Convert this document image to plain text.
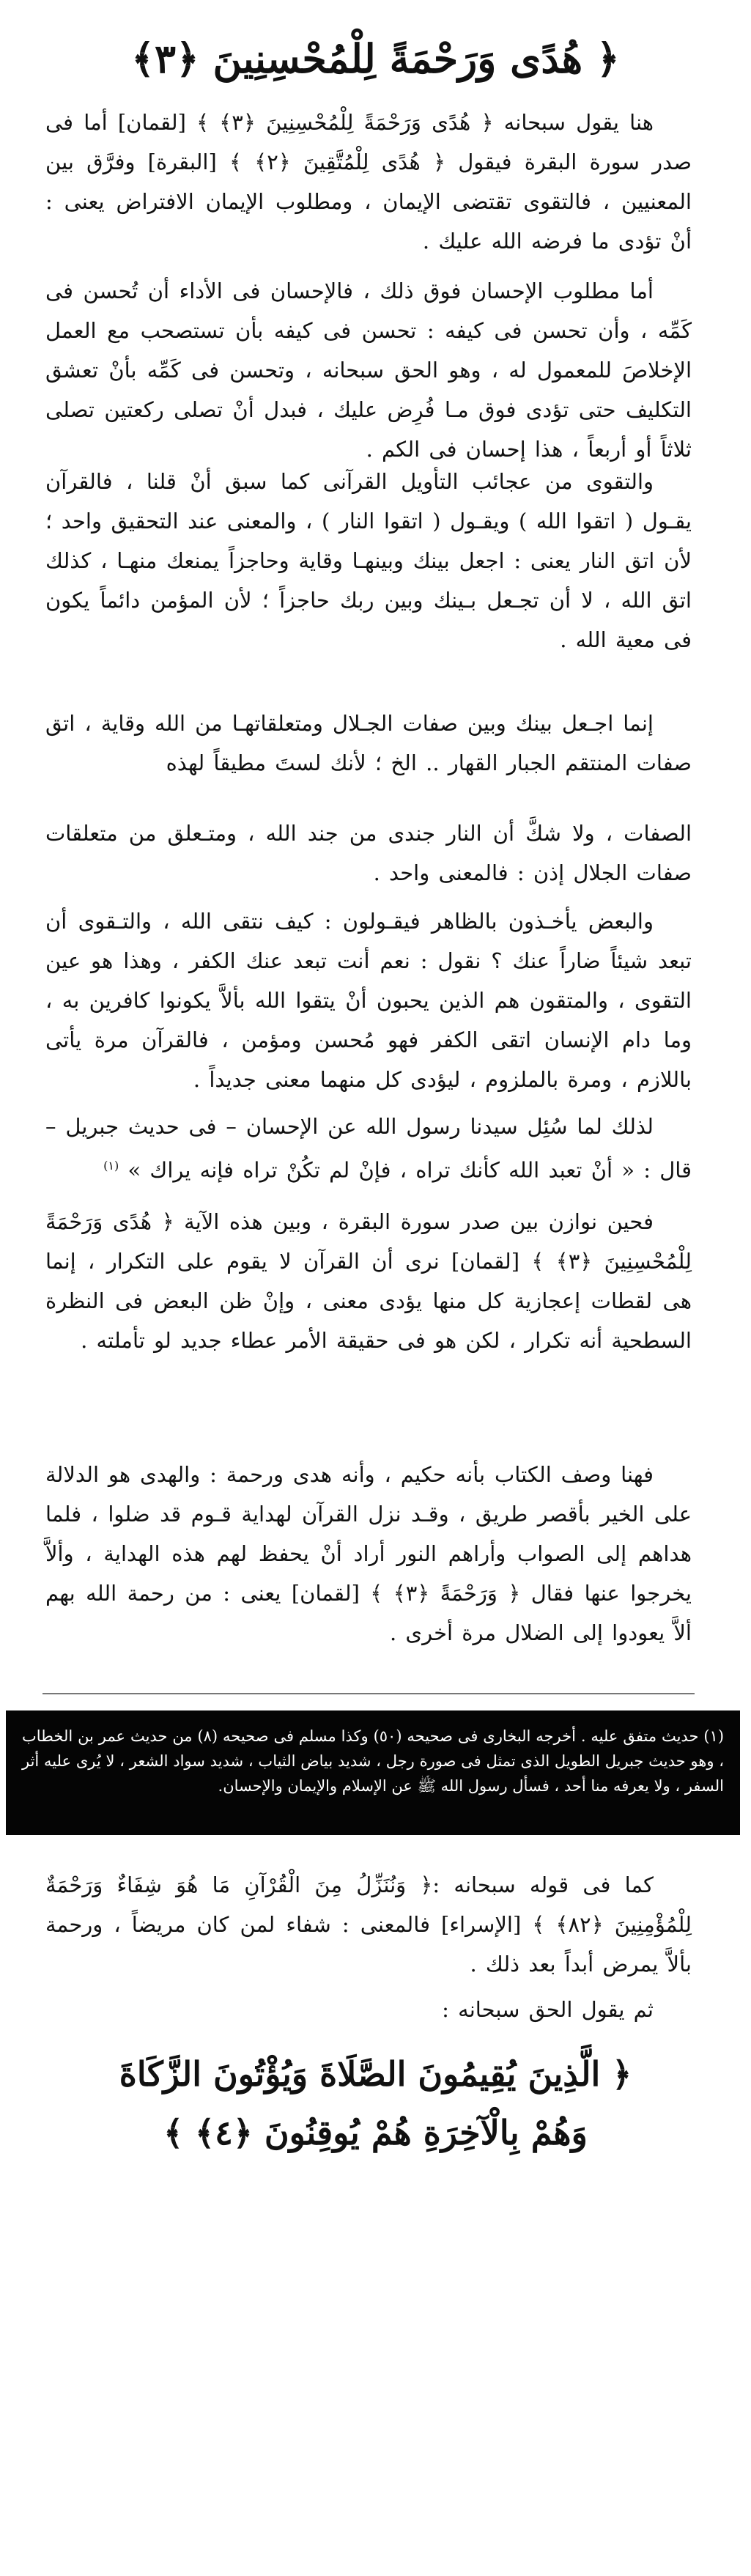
﴿ هُدًى وَرَحْمَةً لِلْمُحْسِنِينَ ﴿٣﴾

هنا يقول سبحانه ﴿ هُدًى وَرَحْمَةً لِلْمُحْسِنِينَ ﴿٣﴾ ﴾ [لقمان] أما فى صدر سورة البقرة فيقول ﴿ هُدًى لِلْمُتَّقِينَ ﴿٢﴾ ﴾ [البقرة] وفرَّق بين المعنيين ، فالتقوى تقتضى الإيمان ، ومطلوب الإيمان الافتراض يعنى : أنْ تؤدى ما فرضه الله عليك .

أما مطلوب الإحسان فوق ذلك ، فالإحسان فى الأداء أن تُحسن فى كَمِّه ، وأن تحسن فى كيفه : تحسن فى كيفه بأن تستصحب مع العمل الإخلاصَ للمعمول له ، وهو الحق سبحانه ، وتحسن فى كَمِّه بأنْ تعشق التكليف حتى تؤدى فوق مـا فُرِض عليك ، فبدل أنْ تصلى ركعتين تصلى ثلاثاً أو أربعاً ، هذا إحسان فى الكم .

والتقوى من عجائب التأويل القرآنى كما سبق أنْ قلنا ، فالقرآن يقـول ( اتقوا الله ) ويقـول ( اتقوا النار ) ، والمعنى عند التحقيق واحد ؛ لأن اتق النار يعنى : اجعل بينك وبينهـا وقاية وحاجزاً يمنعك منهـا ، كذلك اتق الله ، لا أن تجـعل بـينك وبين ربك حاجزاً ؛ لأن المؤمن دائماً يكون فى معية الله .

إنما اجـعل بينك وبين صفات الجـلال ومتعلقاتهـا من الله وقاية ، اتق صفات المنتقم الجبار القهار .. الخ ؛ لأنك لستَ مطيقاً لهذه

الصفات ، ولا شكَّ أن النار جندى من جند الله ، ومتـعلق من متعلقات صفات الجلال إذن : فالمعنى واحد .

والبعض يأخـذون بالظاهر فيقـولون : كيف نتقى الله ، والتـقوى أن تبعد شيئاً ضاراً عنك ؟ نقول : نعم أنت تبعد عنك الكفر ، وهذا هو عين التقوى ، والمتقون هم الذين يحبون أنْ يتقوا الله بألاَّ يكونوا كافرين به ، وما دام الإنسان اتقى الكفر فهو مُحسن ومؤمن ، فالقرآن مرة يأتى باللازم ، ومرة بالملزوم ، ليؤدى كل منهما معنى جديداً .

لذلك لما سُئِل سيدنا رسول الله عن الإحسان – فى حديث جبريل – قال : « أنْ تعبد الله كأنك تراه ، فإنْ لم تكُنْ تراه فإنه يراك » $^{(١)}$

فحين نوازن بين صدر سورة البقرة ، وبين هذه الآية ﴿ هُدًى وَرَحْمَةً لِلْمُحْسِنِينَ ﴿٣﴾ ﴾ [لقمان] نرى أن القرآن لا يقوم على التكرار ، إنما هى لقطات إعجازية كل منها يؤدى معنى ، وإنْ ظن البعض فى النظرة السطحية أنه تكرار ، لكن هو فى حقيقة الأمر عطاء جديد لو تأملته .

فهنا وصف الكتاب بأنه حكيم ، وأنه هدى ورحمة : والهدى هو الدلالة على الخير بأقصر طريق ، وقـد نزل القرآن لهداية قـوم قد ضلوا ، فلما هداهم إلى الصواب وأراهم النور أراد أنْ يحفظ لهم هذه الهداية ، وألاَّ يخرجوا عنها فقال ﴿ وَرَحْمَةً ﴿٣﴾ ﴾ [لقمان] يعنى : من رحمة الله بهم ألاَّ يعودوا إلى الضلال مرة أخرى .

(١) حديث متفق عليه . أخرجه البخارى فى صحيحه (٥٠) وكذا مسلم فى صحيحه (٨) من حديث عمر بن الخطاب ، وهو حديث جبريل الطويل الذى تمثل فى صورة رجل ، شديد بياض الثياب ، شديد سواد الشعر ، لا يُرى عليه أثر السفر ، ولا يعرفه منا أحد ، فسأل رسول الله ﷺ عن الإسلام والإيمان والإحسان.

كما فى قوله سبحانه :﴿ وَنُنَزِّلُ مِنَ الْقُرْآنِ مَا هُوَ شِفَاءٌ وَرَحْمَةٌ لِلْمُؤْمِنِينَ ﴿٨٢﴾ ﴾ [الإسراء] فالمعنى : شفاء لمن كان مريضاً ، ورحمة بألاَّ يمرض أبداً بعد ذلك .

ثم يقول الحق سبحانه :

﴿ الَّذِينَ يُقِيمُونَ الصَّلَاةَ وَيُؤْتُونَ الزَّكَاةَ
وَهُمْ بِالْآخِرَةِ هُمْ يُوقِنُونَ ﴿٤﴾ ﴾
